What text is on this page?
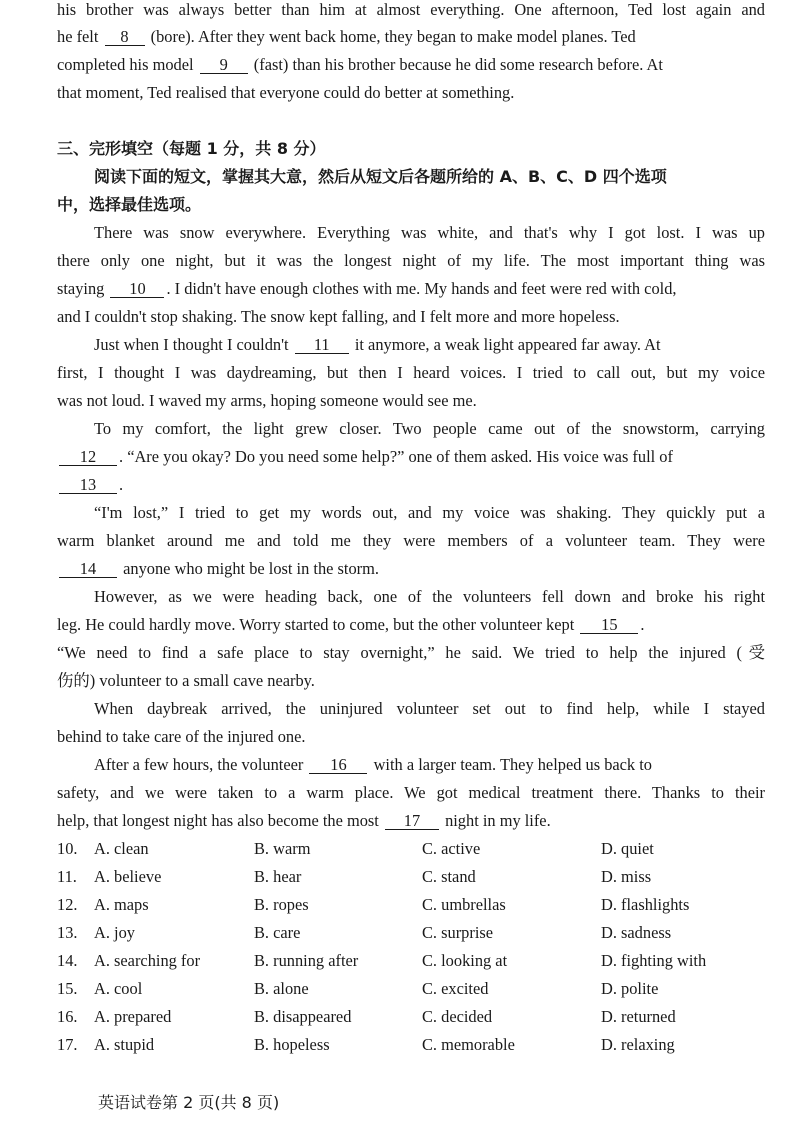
his brother was always better than him at almost everything. One afternoon, Ted lost again and
he felt 8 (bore). After they went back home, they began to make model planes. Ted
completed his model 9 (fast) than his brother because he did some research before. At
that moment, Ted realised that everyone could do better at something.
三、完形填空（每题 1 分，共 8 分）
阅读下面的短文，掌握其大意，然后从短文后各题所给的 A、B、C、D 四个选项
中，选择最佳选项。
There was snow everywhere. Everything was white, and that's why I got lost. I was up
there only one night, but it was the longest night of my life. The most important thing was
staying 10 . I didn't have enough clothes with me. My hands and feet were red with cold,
and I couldn't stop shaking. The snow kept falling, and I felt more and more hopeless.
Just when I thought I couldn't 11 it anymore, a weak light appeared far away. At
first, I thought I was daydreaming, but then I heard voices. I tried to call out, but my voice
was not loud. I waved my arms, hoping someone would see me.
To my comfort, the light grew closer. Two people came out of the snowstorm, carrying
12 . “Are you okay? Do you need some help?” one of them asked. His voice was full of
13 .
“I'm lost,” I tried to get my words out, and my voice was shaking. They quickly put a
warm blanket around me and told me they were members of a volunteer team. They were
14 anyone who might be lost in the storm.
However, as we were heading back, one of the volunteers fell down and broke his right
leg. He could hardly move. Worry started to come, but the other volunteer kept 15 .
“We need to find a safe place to stay overnight,” he said. We tried to help the injured (受
伤的) volunteer to a small cave nearby.
When daybreak arrived, the uninjured volunteer set out to find help, while I stayed
behind to take care of the injured one.
After a few hours, the volunteer 16 with a larger team. They helped us back to
safety, and we were taken to a warm place. We got medical treatment there. Thanks to their
help, that longest night has also become the most 17 night in my life.
10. A. clean	B. warm	C. active	D. quiet
11. A. believe	B. hear	C. stand	D. miss
12. A. maps	B. ropes	C. umbrellas	D. flashlights
13. A. joy	B. care	C. surprise	D. sadness
14. A. searching for	B. running after	C. looking at	D. fighting with
15. A. cool	B. alone	C. excited	D. polite
16. A. prepared	B. disappeared	C. decided	D. returned
17. A. stupid	B. hopeless	C. memorable	D. relaxing
英语试卷第 2 页(共 8 页)
